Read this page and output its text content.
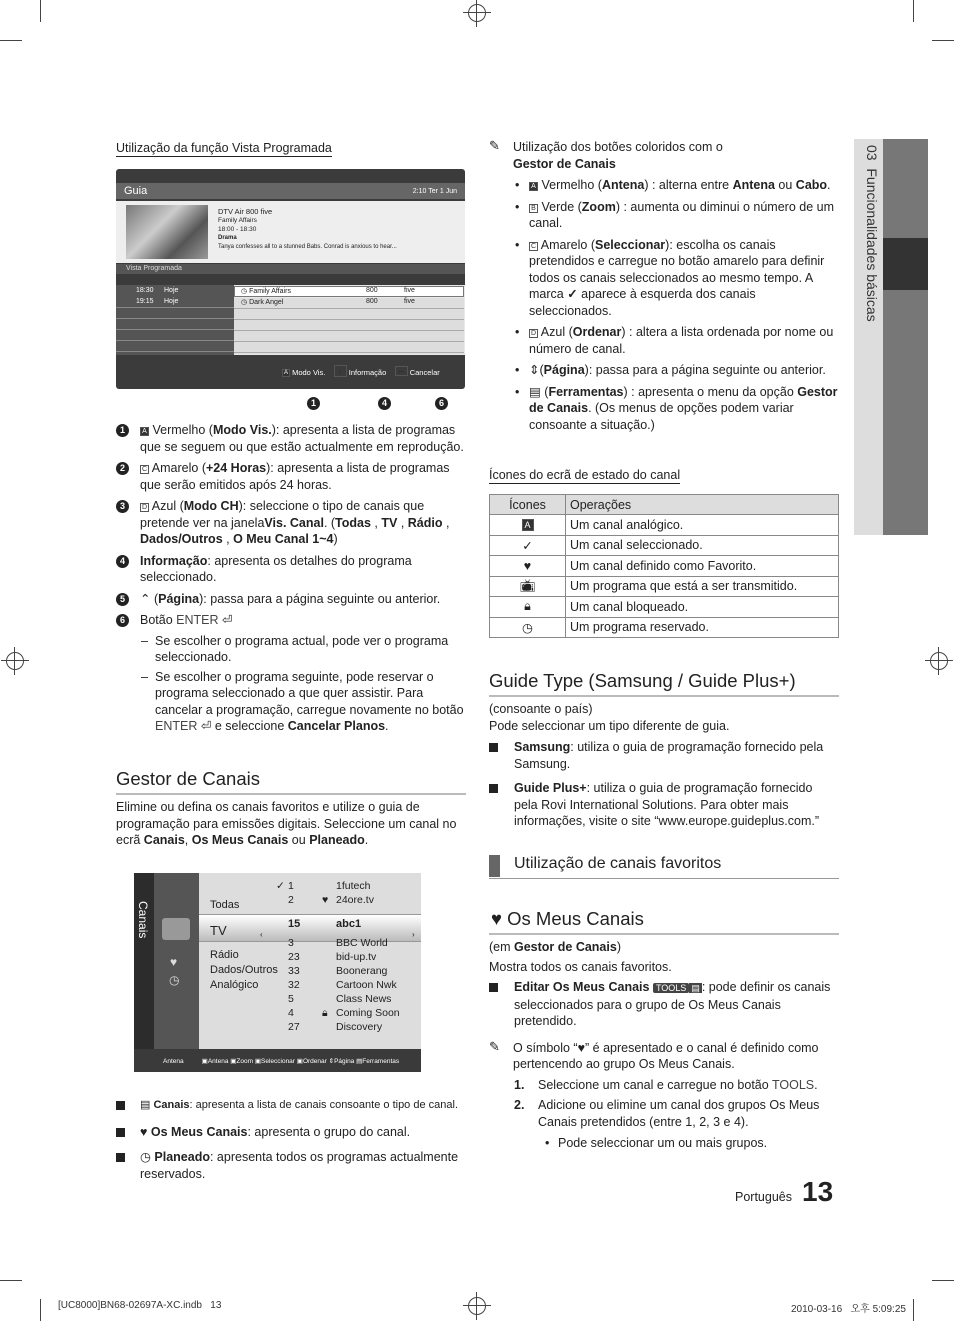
03  Funcionalidades básicas
Utilização da função Vista Programada
Guia	2:10 Ter 1 Jun
DTV Air 800 five
Family Affairs
18:00 - 18:30
Drama
Tanya confesses all to a stunned Babs. Conrad is anxious to hear...
Vista Programada
18:30 Hoje	◷ Family Affairs	800	five
19:15 Hoje	◷ Dark Angel	800	five
A Modo Vis. i Informação ↩ Cancelar
1	4	6
1	A Vermelho (Modo Vis.): apresenta a lista de programas que se seguem ou que estão actualmente em reprodução.
2	C Amarelo (+24 Horas): apresenta a lista de programas que serão emitidos após 24 horas.
3	D Azul (Modo CH): seleccione o tipo de canais que pretende ver na janelaVis. Canal. (Todas , TV , Rádio , Dados/Outros , O Meu Canal 1~4)
4	Informação: apresenta os detalhes do programa seleccionado.
5	⌃ (Página): passa para a página seguinte ou anterior.
6	Botão ENTER ⏎
– Se escolher o programa actual, pode ver o programa seleccionado.
– Se escolher o programa seguinte, pode reservar o programa seleccionado a que quer assistir. Para cancelar a programação, carregue novamente no botão ENTER ⏎ e seleccione Cancelar Planos.
Gestor de Canais
Elimine ou defina os canais favoritos e utilize o guia de programação para emissões digitais. Seleccione um canal no ecrã Canais, Os Meus Canais ou Planeado.
Canais
♥
◷
Todas
TV
Rádio
Dados/Outros
Analógico
‹	›
✓ 1	1futech
2	♥ 24ore.tv
15	abc1
3	BBC World
23	bid-up.tv
33	Boonerang
32	Cartoon Nwk
5	Class News
4	🔒︎ Coming Soon
27	Discovery
Antena	▣Antena ▣Zoom ▣Seleccionar ▣Ordenar ⇕Página ▤Ferramentas
▤ Canais: apresenta a lista de canais consoante o tipo de canal.
♥ Os Meus Canais: apresenta o grupo do canal.
◷ Planeado: apresenta todos os programas actualmente reservados.
✎ Utilização dos botões coloridos com o
Gestor de Canais
• A Vermelho (Antena) : alterna entre Antena ou Cabo.
• B Verde (Zoom) : aumenta ou diminui o número de um canal.
• C Amarelo (Seleccionar): escolha os canais pretendidos e carregue no botão amarelo para definir todos os canais seleccionados ao mesmo tempo. A marca ✓ aparece à esquerda dos canais seleccionados.
• D Azul (Ordenar) : altera a lista ordenada por nome ou número de canal.
• ⇕(Página): passa para a página seguinte ou anterior.
• ▤ (Ferramentas) : apresenta o menu da opção Gestor de Canais. (Os menus de opções podem variar consoante a situação.)
Ícones do ecrã de estado do canal
Ícones	Operações
A	Um canal analógico.
✓	Um canal seleccionado.
♥	Um canal definido como Favorito.
📺︎	Um programa que está a ser transmitido.
🔒︎	Um canal bloqueado.
◷	Um programa reservado.
Guide Type (Samsung / Guide Plus+)
(consoante o país)
Pode seleccionar um tipo diferente de guia.
Samsung: utiliza o guia de programação fornecido pela Samsung.
Guide Plus+: utiliza o guia de programação fornecido pela Rovi International Solutions. Para obter mais informações, visite o site “www.europe.guideplus.com.”
Utilização de canais favoritos
♥ Os Meus Canais
(em Gestor de Canais)
Mostra todos os canais favoritos.
Editar Os Meus Canais TOOLS ▤ : pode definir os canais seleccionados para o grupo de Os Meus Canais pretendido.
✎ O símbolo “♥” é apresentado e o canal é definido como pertencendo ao grupo Os Meus Canais.
1. Seleccione um canal e carregue no botão TOOLS.
2. Adicione ou elimine um canal dos grupos Os Meus Canais pretendidos (entre 1, 2, 3 e 4).
• Pode seleccionar um ou mais grupos.
Português 13
[UC8000]BN68-02697A-XC.indb   13	2010-03-16   오후 5:09:25
